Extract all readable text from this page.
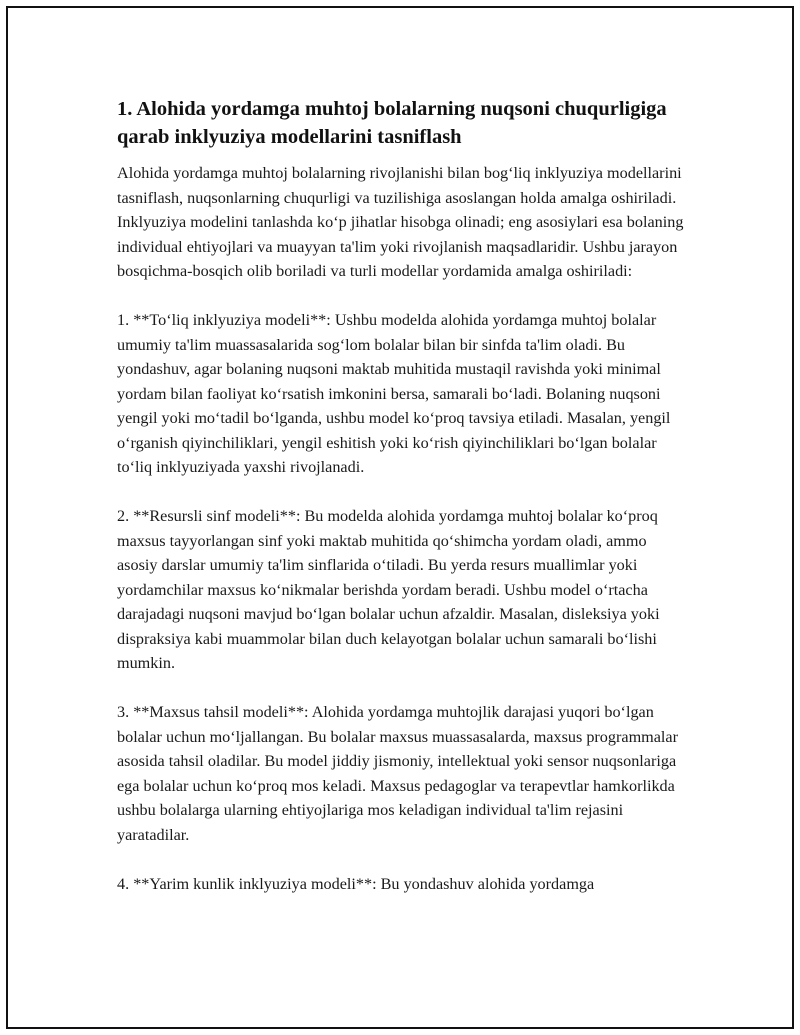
1. Alohida yordamga muhtoj bolalarning nuqsoni chuqurligiga qarab inklyuziya modellarini tasniflash

Alohida yordamga muhtoj bolalarning rivojlanishi bilan bog‘liq inklyuziya modellarini tasniflash, nuqsonlarning chuqurligi va tuzilishiga asoslangan holda amalga oshiriladi. Inklyuziya modelini tanlashda ko‘p jihatlar hisobga olinadi; eng asosiylari esa bolaning individual ehtiyojlari va muayyan ta'lim yoki rivojlanish maqsadlaridir. Ushbu jarayon bosqichma-bosqich olib boriladi va turli modellar yordamida amalga oshiriladi:

1. **To‘liq inklyuziya modeli**: Ushbu modelda alohida yordamga muhtoj bolalar umumiy ta'lim muassasalarida sog‘lom bolalar bilan bir sinfda ta'lim oladi. Bu yondashuv, agar bolaning nuqsoni maktab muhitida mustaqil ravishda yoki minimal yordam bilan faoliyat ko‘rsatish imkonini bersa, samarali bo‘ladi. Bolaning nuqsoni yengil yoki mo‘tadil bo‘lganda, ushbu model ko‘proq tavsiya etiladi. Masalan, yengil o‘rganish qiyinchiliklari, yengil eshitish yoki ko‘rish qiyinchiliklari bo‘lgan bolalar to‘liq inklyuziyada yaxshi rivojlanadi.

2. **Resursli sinf modeli**: Bu modelda alohida yordamga muhtoj bolalar ko‘proq maxsus tayyorlangan sinf yoki maktab muhitida qo‘shimcha yordam oladi, ammo asosiy darslar umumiy ta'lim sinflarida o‘tiladi. Bu yerda resurs muallimlar yoki yordamchilar maxsus ko‘nikmalar berishda yordam beradi. Ushbu model o‘rtacha darajadagi nuqsoni mavjud bo‘lgan bolalar uchun afzaldir. Masalan, disleksiya yoki dispraksiya kabi muammolar bilan duch kelayotgan bolalar uchun samarali bo‘lishi mumkin.

3. **Maxsus tahsil modeli**: Alohida yordamga muhtojlik darajasi yuqori bo‘lgan bolalar uchun mo‘ljallangan. Bu bolalar maxsus muassasalarda, maxsus programmalar asosida tahsil oladilar. Bu model jiddiy jismoniy, intellektual yoki sensor nuqsonlariga ega bolalar uchun ko‘proq mos keladi. Maxsus pedagoglar va terapevtlar hamkorlikda ushbu bolalarga ularning ehtiyojlariga mos keladigan individual ta'lim rejasini yaratadilar.

4. **Yarim kunlik inklyuziya modeli**: Bu yondashuv alohida yordamga
